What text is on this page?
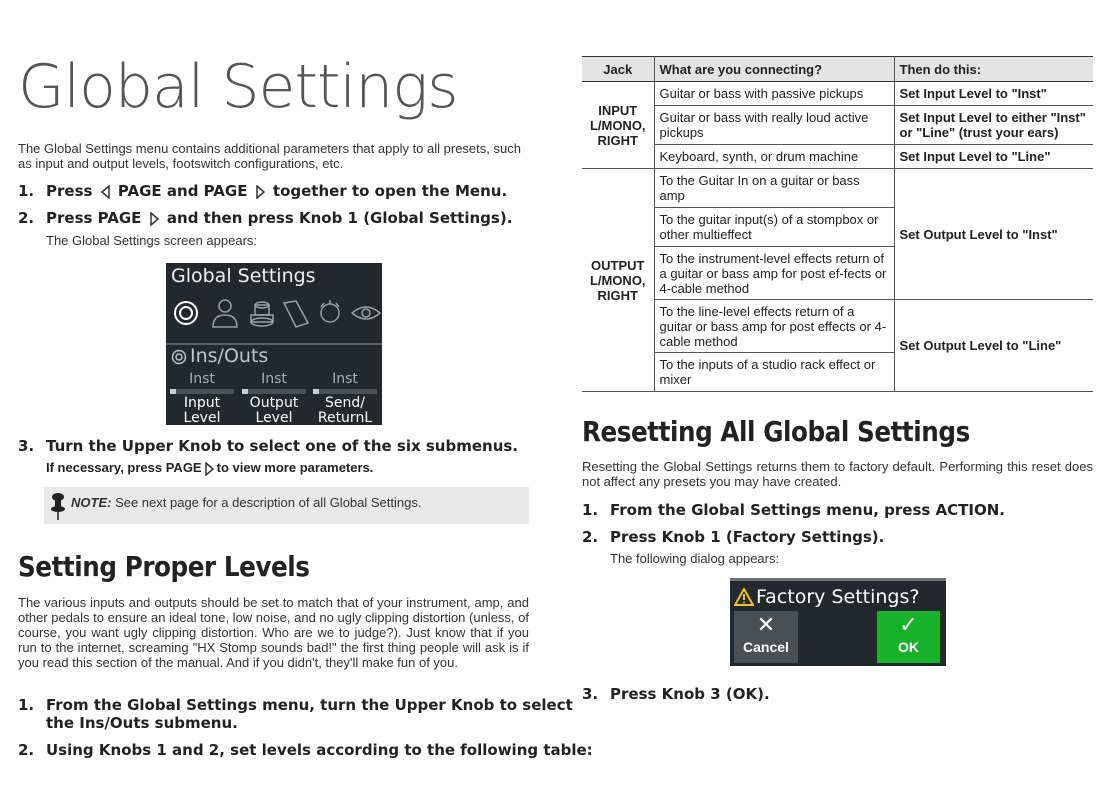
Global Settings
The Global Settings menu contains additional parameters that apply to all presets, such as input and output levels, footswitch configurations, etc.
1. Press PAGE and PAGE together to open the Menu.
2. Press PAGE and then press Knob 1 (Global Settings).
The Global Settings screen appears:
Global Settings
Ins/Outs
Inst
Input
Level
Inst
Output
Level
Inst
Send/
ReturnL
3. Turn the Upper Knob to select one of the six submenus.
If necessary, press PAGE to view more parameters.
NOTE: See next page for a description of all Global Settings.
Setting Proper Levels
The various inputs and outputs should be set to match that of your instrument, amp, and other pedals to ensure an ideal tone, low noise, and no ugly clipping distortion (unless, of course, you want ugly clipping distortion. Who are we to judge?). Just know that if you run to the internet, screaming "HX Stomp sounds bad!" the first thing people will ask is if you read this section of the manual. And if you didn't, they'll make fun of you.
1. From the Global Settings menu, turn the Upper Knob to select
the Ins/Outs submenu.
2. Using Knobs 1 and 2, set levels according to the following table:
Jack	What are you connecting?	Then do this:
INPUT
L/MONO,
RIGHT	Guitar or bass with passive pickups	Set Input Level to "Inst"
	Guitar or bass with really loud active pickups	Set Input Level to either "Inst" or "Line" (trust your ears)
	Keyboard, synth, or drum machine	Set Input Level to "Line"
OUTPUT
L/MONO,
RIGHT	To the Guitar In on a guitar or bass amp	Set Output Level to "Inst"
	To the guitar input(s) of a stompbox or other multieffect	
	To the instrument-level effects return of a guitar or bass amp for post ef-fects or 4-cable method	
	To the line-level effects return of a guitar or bass amp for post effects or 4-cable method	Set Output Level to "Line"
	To the inputs of a studio rack effect or mixer	
Resetting All Global Settings
Resetting the Global Settings returns them to factory default. Performing this reset does not affect any presets you may have created.
1. From the Global Settings menu, press ACTION.
2. Press Knob 1 (Factory Settings).
The following dialog appears:
Factory Settings?
✕
Cancel
✓
OK
3. Press Knob 3 (OK).
